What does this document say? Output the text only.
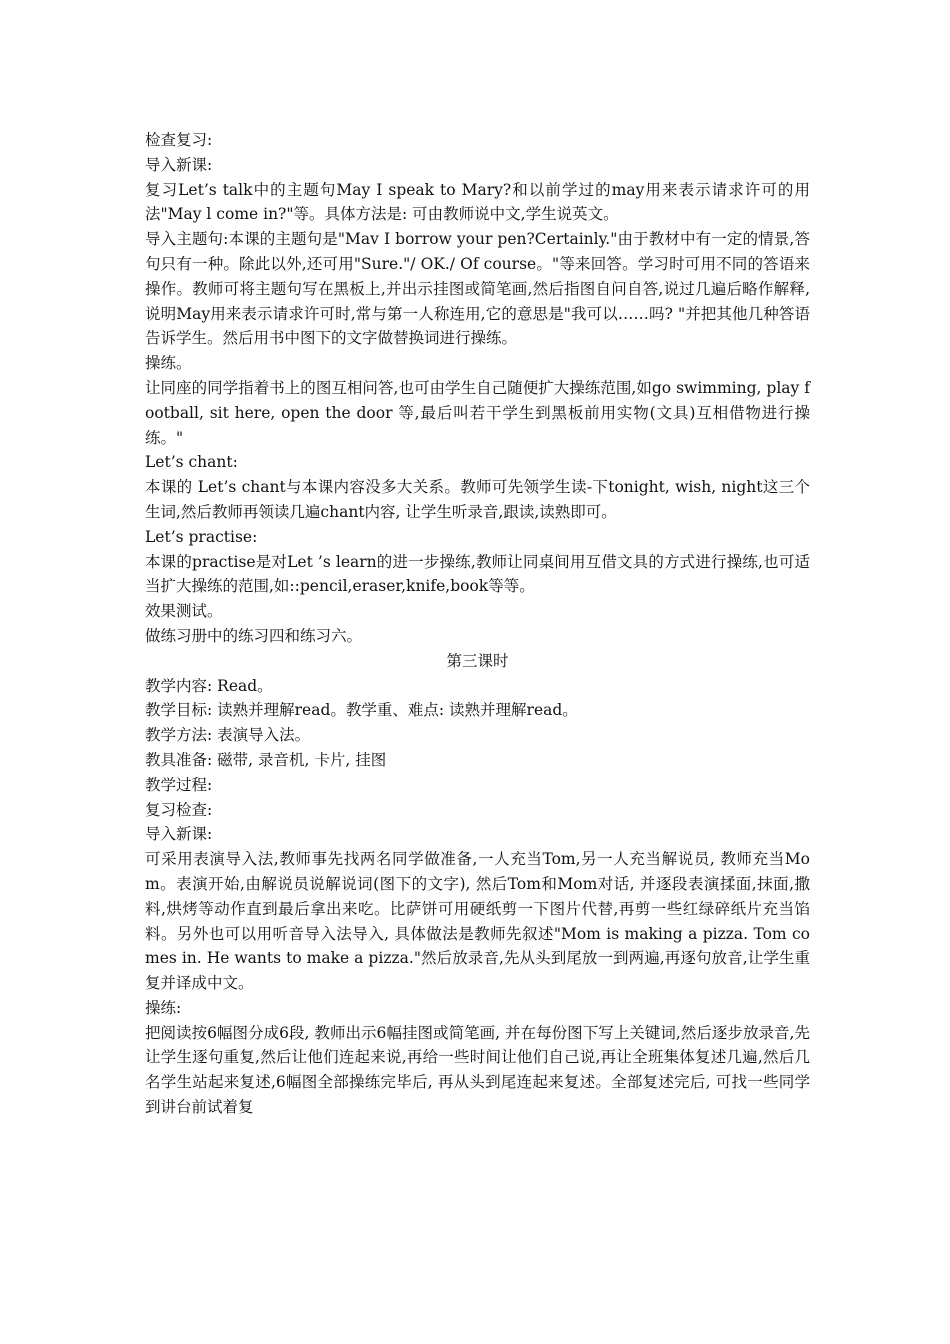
检查复习:

导入新课:

复习Let’s talk中的主题句May I speak to Mary?和以前学过的may用来表示请求许可的用法"May l come in?"等。具体方法是: 可由教师说中文,学生说英文。

导入主题句:本课的主题句是"Mav I borrow your pen?Certainly."由于教材中有一定的情景,答句只有一种。除此以外,还可用"Sure."/ OK./ Of course。"等来回答。学习时可用不同的答语来操作。教师可将主题句写在黑板上,并出示挂图或简笔画,然后指图自问自答,说过几遍后略作解释,说明May用来表示请求许可时,常与第一人称连用,它的意思是"我可以……吗? "并把其他几种答语告诉学生。然后用书中图下的文字做替换词进行操练。

操练。

让同座的同学指着书上的图互相问答,也可由学生自己随便扩大操练范围,如go swimming, play football, sit here, open the door 等,最后叫若干学生到黑板前用实物(文具)互相借物进行操练。"

Let’s chant:

本课的 Let’s chant与本课内容没多大关系。教师可先领学生读-下tonight, wish, night这三个生词,然后教师再领读几遍chant内容, 让学生听录音,跟读,读熟即可。

Let’s practise:

本课的practise是对Let ’s learn的进一步操练,教师让同桌间用互借文具的方式进行操练,也可适当扩大操练的范围,如::pencil,eraser,knife,book等等。

效果测试。

做练习册中的练习四和练习六。

第三课时

教学内容: Read。

教学目标: 读熟并理解read。教学重、难点: 读熟并理解read。

教学方法: 表演导入法。

教具准备: 磁带, 录音机, 卡片, 挂图

教学过程:

复习检查:

导入新课:

可采用表演导入法,教师事先找两名同学做准备,一人充当Tom,另一人充当解说员, 教师充当Mom。表演开始,由解说员说解说词(图下的文字), 然后Tom和Mom对话, 并逐段表演揉面,抹面,撒料,烘烤等动作直到最后拿出来吃。比萨饼可用硬纸剪一下图片代替,再剪一些红绿碎纸片充当馅料。另外也可以用听音导入法导入, 具体做法是教师先叙述"Mom is making a pizza. Tom comes in. He wants to make a pizza."然后放录音,先从头到尾放一到两遍,再逐句放音,让学生重复并译成中文。

操练:

把阅读按6幅图分成6段, 教师出示6幅挂图或简笔画, 并在每份图下写上关键词,然后逐步放录音,先让学生逐句重复,然后让他们连起来说,再给一些时间让他们自己说,再让全班集体复述几遍,然后几名学生站起来复述,6幅图全部操练完毕后, 再从头到尾连起来复述。全部复述完后, 可找一些同学到讲台前试着复
